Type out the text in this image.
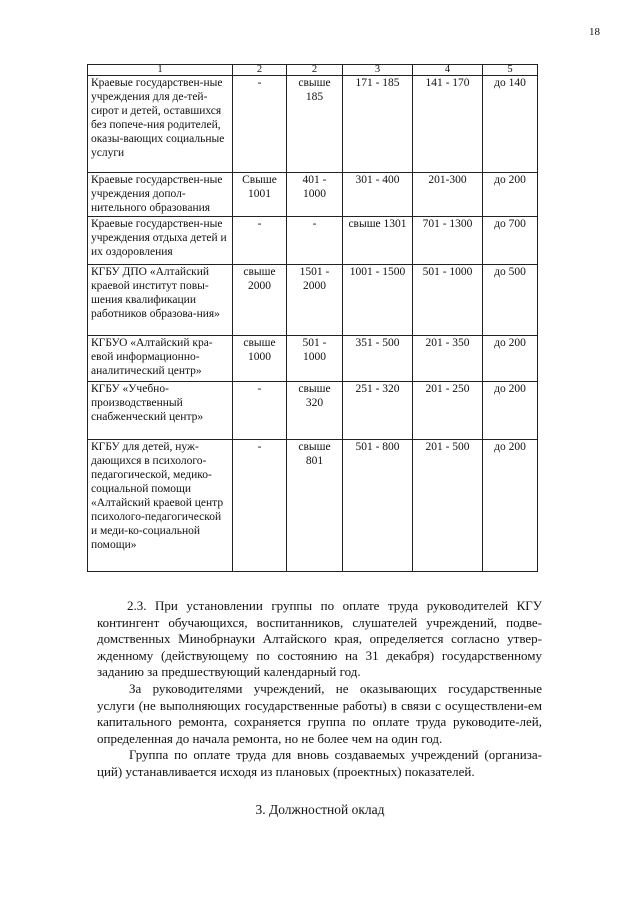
18
1	2	2	3	4	5
Краевые государствен-ные учреждения для де-тей-сирот и детей, оставшихся без попече-ния родителей, оказы-вающих социальные услуги	-	свыше 185	171 - 185	141 - 170	до 140
Краевые государствен-ные учреждения допол-нительного образования	Свыше 1001	401 - 1000	301 - 400	201-300	до 200
Краевые государствен-ные учреждения отдыха детей и их оздоровления	-	-	свыше 1301	701 - 1300	до 700
КГБУ ДПО «Алтайский краевой институт повы-шения квалификации работников образова-ния»	свыше 2000	1501 - 2000	1001 - 1500	501 - 1000	до 500
КГБУО «Алтайский кра-евой информационно-аналитический центр»	свыше 1000	501 - 1000	351 - 500	201 - 350	до 200
КГБУ «Учебно-производственный снабженческий центр»	-	свыше 320	251 - 320	201 - 250	до 200
КГБУ для детей, нуж-дающихся в психолого-педагогической, медико-социальной помощи «Алтайский краевой центр психолого-педагогической и меди-ко-социальной помощи»	-	свыше 801	501 - 800	201 - 500	до 200

2.3. При установлении группы по оплате труда руководителей КГУ контингент обучающихся, воспитанников, слушателей учреждений, подве-домственных Минобрнауки Алтайского края, определяется согласно утвер-жденному (действующему по состоянию на 31 декабря) государственному заданию за предшествующий календарный год.

За руководителями учреждений, не оказывающих государственные услуги (не выполняющих государственные работы) в связи с осуществлени-ем капитального ремонта, сохраняется группа по оплате труда руководите-лей, определенная до начала ремонта, но не более чем на один год.

Группа по оплате труда для вновь создаваемых учреждений (организа-ций) устанавливается исходя из плановых (проектных) показателей.

3. Должностной оклад
